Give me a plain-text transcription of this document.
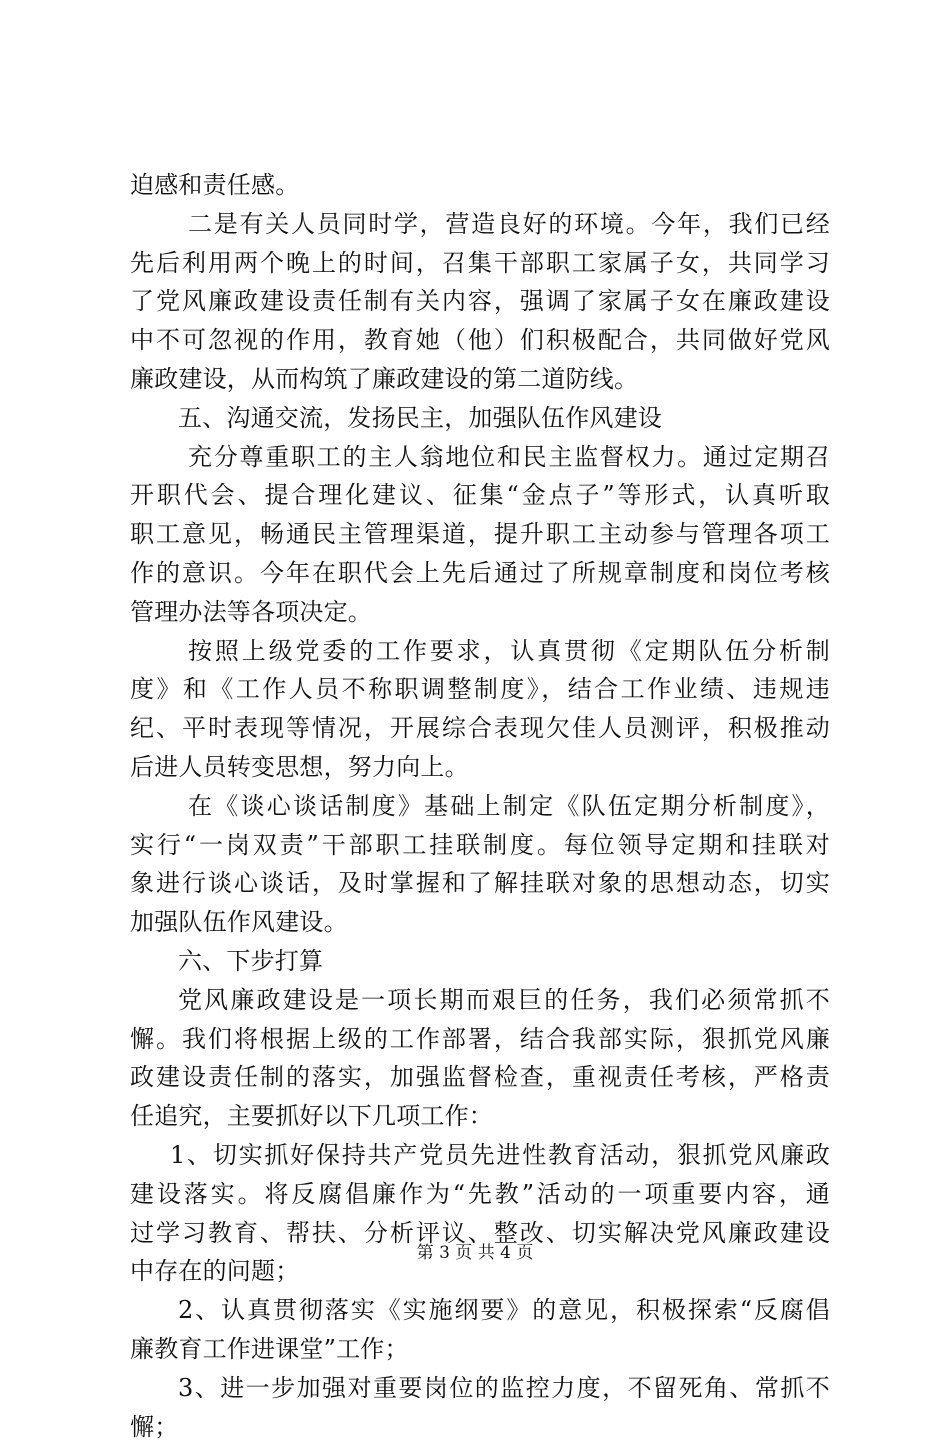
迫感和责任感。
二是有关人员同时学，营造良好的环境。今年，我们已经
先后利用两个晚上的时间，召集干部职工家属子女，共同学习
了党风廉政建设责任制有关内容，强调了家属子女在廉政建设
中不可忽视的作用，教育她（他）们积极配合，共同做好党风
廉政建设，从而构筑了廉政建设的第二道防线。
五、沟通交流，发扬民主，加强队伍作风建设
充分尊重职工的主人翁地位和民主监督权力。通过定期召
开职代会、提合理化建议、征集“金点子”等形式，认真听取
职工意见，畅通民主管理渠道，提升职工主动参与管理各项工
作的意识。今年在职代会上先后通过了所规章制度和岗位考核
管理办法等各项决定。
按照上级党委的工作要求，认真贯彻《定期队伍分析制
度》和《工作人员不称职调整制度》，结合工作业绩、违规违
纪、平时表现等情况，开展综合表现欠佳人员测评，积极推动
后进人员转变思想，努力向上。
在《谈心谈话制度》基础上制定《队伍定期分析制度》，
实行“一岗双责”干部职工挂联制度。每位领导定期和挂联对
象进行谈心谈话，及时掌握和了解挂联对象的思想动态，切实
加强队伍作风建设。
六、下步打算
党风廉政建设是一项长期而艰巨的任务，我们必须常抓不
懈。我们将根据上级的工作部署，结合我部实际，狠抓党风廉
政建设责任制的落实，加强监督检查，重视责任考核，严格责
任追究，主要抓好以下几项工作：
1、切实抓好保持共产党员先进性教育活动，狠抓党风廉政
建设落实。将反腐倡廉作为“先教”活动的一项重要内容，通
过学习教育、帮扶、分析评议、整改、切实解决党风廉政建设
中存在的问题；
2、认真贯彻落实《实施纲要》的意见，积极探索“反腐倡
廉教育工作进课堂”工作；
3、进一步加强对重要岗位的监控力度，不留死角、常抓不
懈；
第 3 页 共 4 页
